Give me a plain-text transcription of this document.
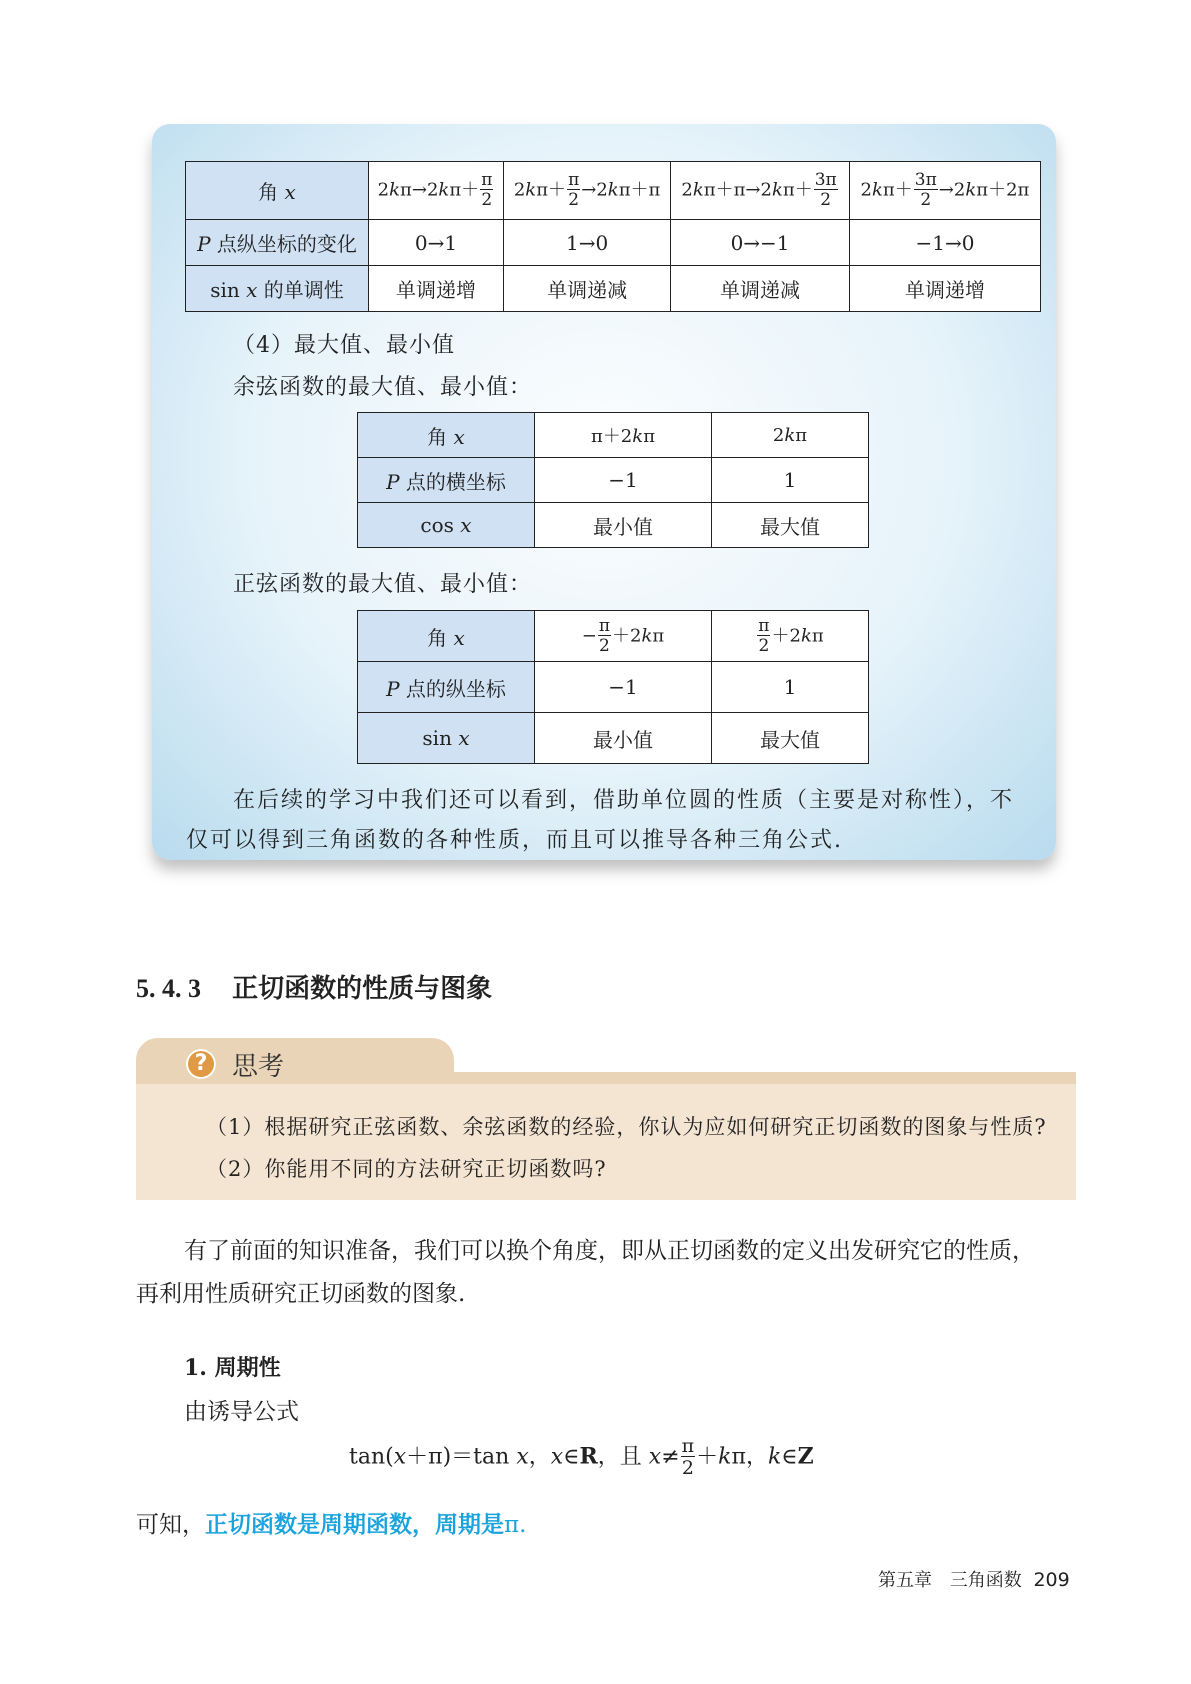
角 x	$2k\pi\to 2k\pi+ \frac{\pi}{2}$	$2k\pi+ \frac{\pi}{2} \to 2k\pi+\pi$	$2k\pi+\pi\to 2k\pi+ \frac{3\pi}{2}$	$2k\pi+ \frac{3\pi}{2} \to 2k\pi+2\pi$
P 点纵坐标的变化	0→1	1→0	0→−1	−1→0
sin x 的单调性	单调递增	单调递减	单调递减	单调递增
（4）最大值、最小值
余弦函数的最大值、最小值：
角 x	π＋2kπ	2kπ
P 点的横坐标	−1	1
cos x	最小值	最大值
正弦函数的最大值、最小值：
角 x	− $\frac{\pi}{2} +2k\pi$	$\frac{\pi}{2} +2k\pi$
P 点的纵坐标	−1	1
sin x	最小值	最大值
在后续的学习中我们还可以看到，借助单位圆的性质（主要是对称性），不
仅可以得到三角函数的各种性质，而且可以推导各种三角公式.
5. 4. 3 正切函数的性质与图象
? 思考
（1）根据研究正弦函数、余弦函数的经验，你认为应如何研究正切函数的图象与性质?
（2）你能用不同的方法研究正切函数吗?
有了前面的知识准备，我们可以换个角度，即从正切函数的定义出发研究它的性质，
再利用性质研究正切函数的图象.
1. 周期性
由诱导公式
tan(x＋π)＝tan x，x∈R，且 $x\ne \frac{\pi}{2} +k\pi$，k∈Z
可知，正切函数是周期函数，周期是π.
第五章 三角函数 209
